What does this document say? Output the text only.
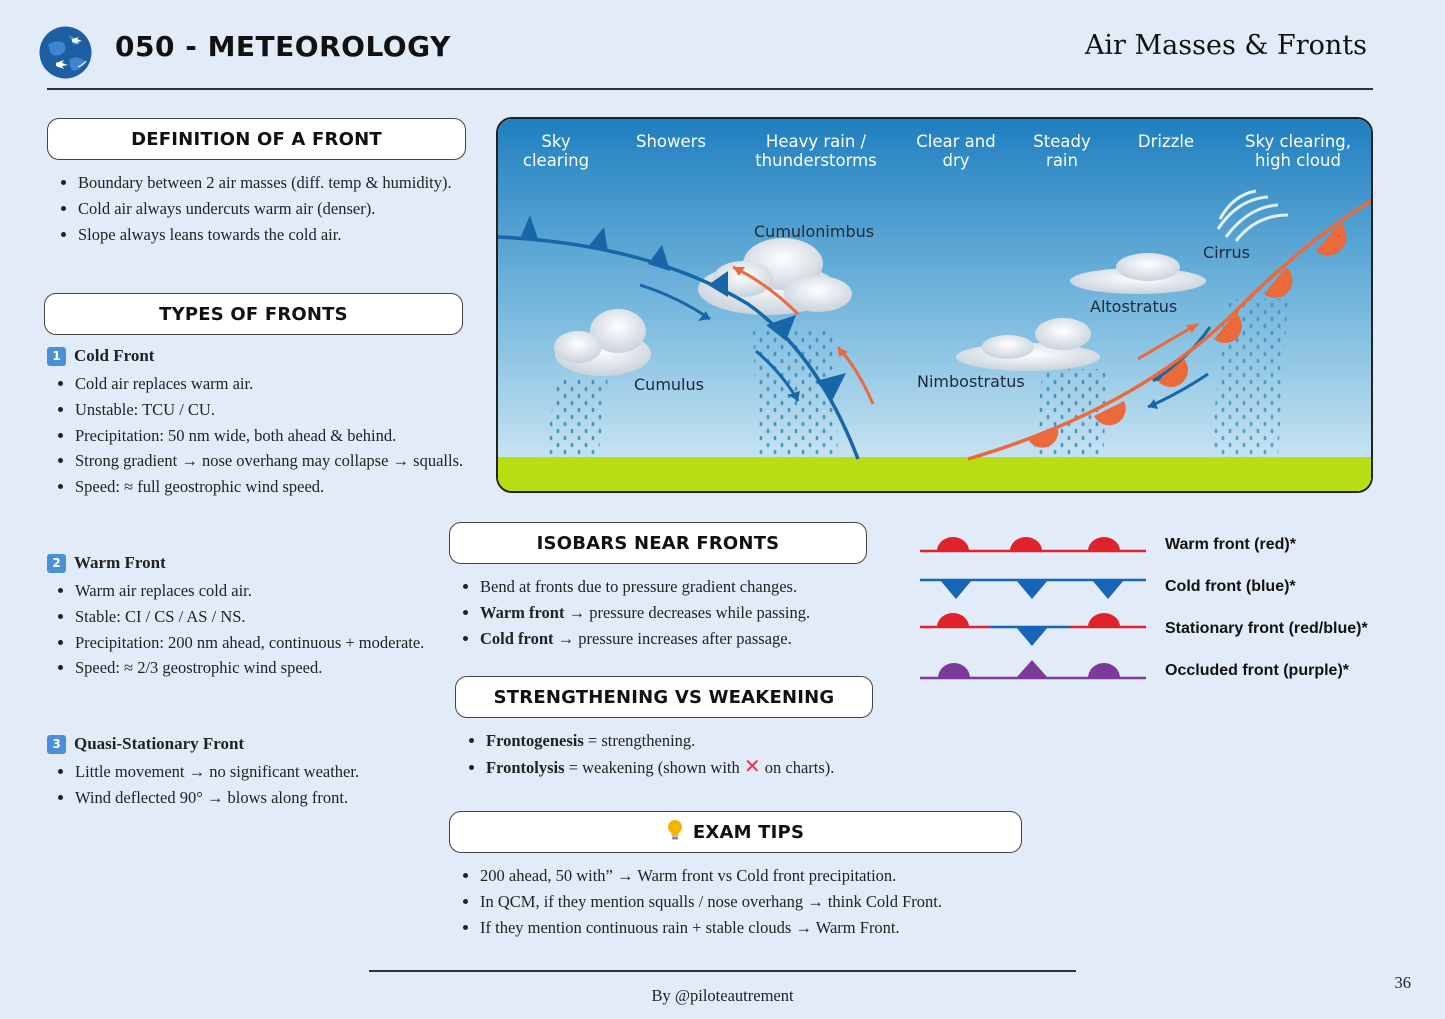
050 - METEOROLOGY	Air Masses & Fronts
DEFINITION OF A FRONT
• Boundary between 2 air masses (diff. temp & humidity).
• Cold air always undercuts warm air (denser).
• Slope always leans towards the cold air.
TYPES OF FRONTS
1 Cold Front
• Cold air replaces warm air.
• Unstable: TCU / CU.
• Precipitation: 50 nm wide, both ahead & behind.
• Strong gradient → nose overhang may collapse → squalls.
• Speed: ≈ full geostrophic wind speed.
2 Warm Front
• Warm air replaces cold air.
• Stable: CI / CS / AS / NS.
• Precipitation: 200 nm ahead, continuous + moderate.
• Speed: ≈ 2/3 geostrophic wind speed.
3 Quasi-Stationary Front
• Little movement → no significant weather.
• Wind deflected 90° → blows along front.
Sky clearing
Showers	Heavy rain / thunderstorms
Clear and dry
Steady rain
Drizzle	Sky clearing, high cloud
Cumulonimbus
Cumulus	Nimbostratus
Altostratus
Cirrus
ISOBARS NEAR FRONTS
• Bend at fronts due to pressure gradient changes.
• Warm front → pressure decreases while passing.
• Cold front → pressure increases after passage.
STRENGTHENING VS WEAKENING
• Frontogenesis = strengthening.
• Frontolysis = weakening (shown with ✕ on charts).
Warm front (red)*
Cold front (blue)*
Stationary front (red/blue)*
Occluded front (purple)*
EXAM TIPS
• 200 ahead, 50 with” → Warm front vs Cold front precipitation.
• In QCM, if they mention squalls / nose overhang → think Cold Front.
• If they mention continuous rain + stable clouds → Warm Front.
By @piloteautrement
36
